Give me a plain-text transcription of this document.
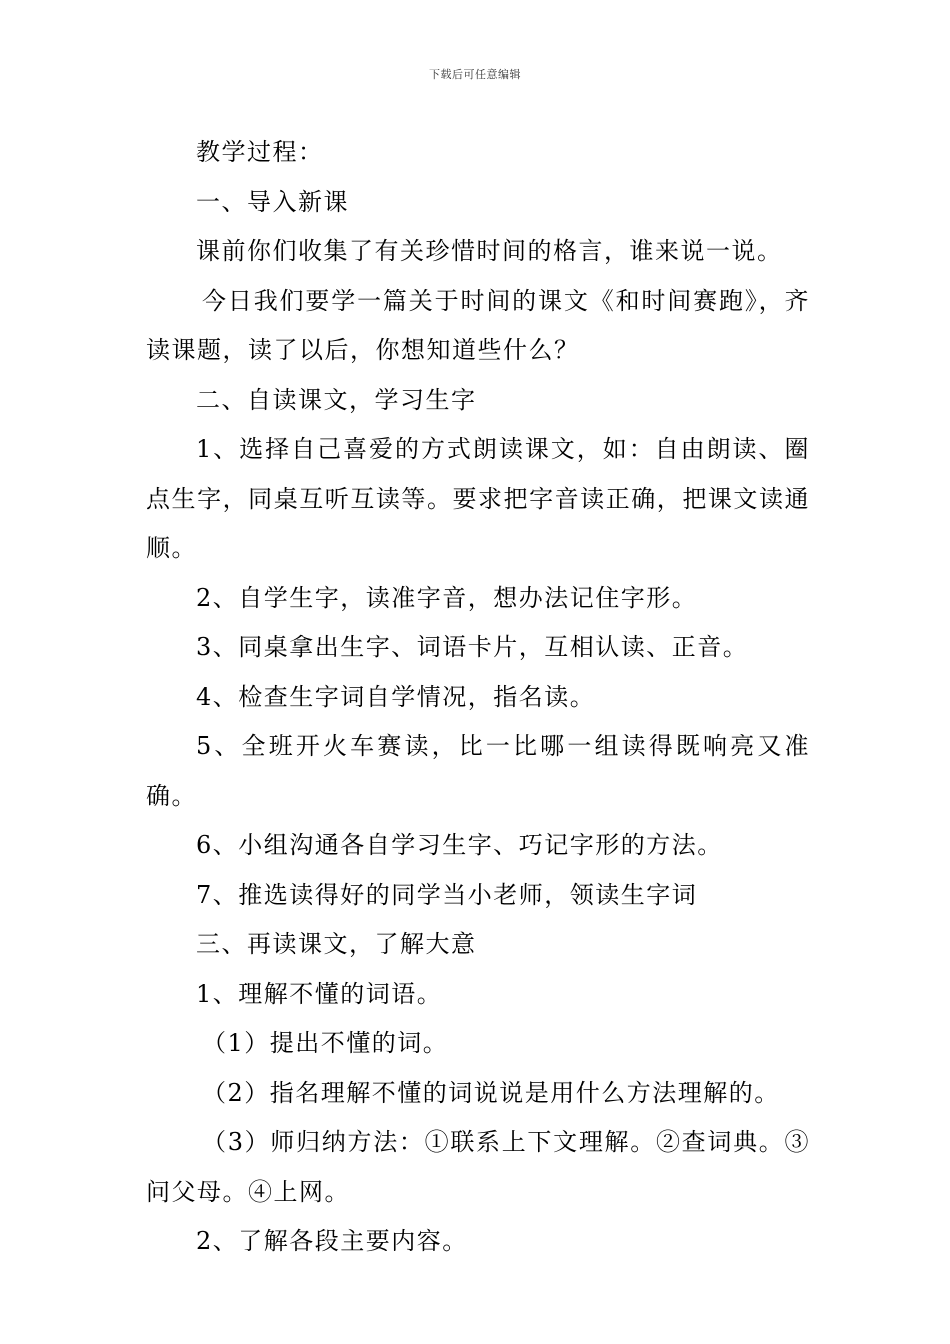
下载后可任意编辑

教学过程：

一、导入新课

课前你们收集了有关珍惜时间的格言，谁来说一说。

今日我们要学一篇关于时间的课文《和时间赛跑》，齐读课题，读了以后，你想知道些什么？

二、自读课文，学习生字

1、选择自己喜爱的方式朗读课文，如：自由朗读、圈点生字，同桌互听互读等。要求把字音读正确，把课文读通顺。

2、自学生字，读准字音，想办法记住字形。

3、同桌拿出生字、词语卡片，互相认读、正音。

4、检查生字词自学情况，指名读。

5、全班开火车赛读，比一比哪一组读得既响亮又准确。

6、小组沟通各自学习生字、巧记字形的方法。

7、推选读得好的同学当小老师，领读生字词

三、再读课文，了解大意

1、理解不懂的词语。

（1）提出不懂的词。

（2）指名理解不懂的词说说是用什么方法理解的。

（3）师归纳方法：①联系上下文理解。②查词典。③问父母。④上网。

2、了解各段主要内容。
